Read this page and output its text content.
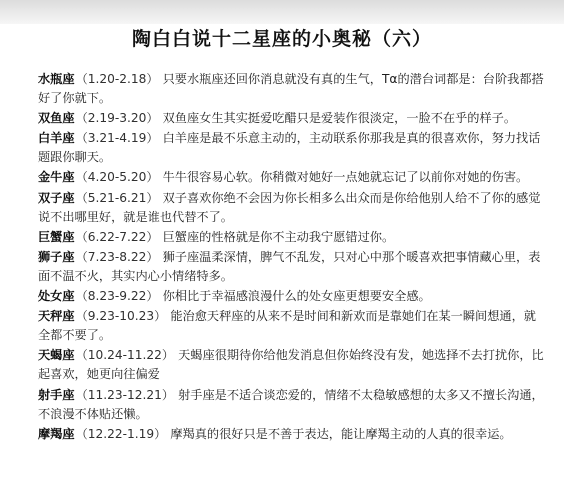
陶白白说十二星座的小奥秘（六）

水瓶座（1.20-2.18） 只要水瓶座还回你消息就没有真的生气，Tα的潜台词都是：台阶我都搭好了你就下。

双鱼座（2.19-3.20） 双鱼座女生其实挺爱吃醋只是爱装作很淡定，一脸不在乎的样子。

白羊座（3.21-4.19） 白羊座是最不乐意主动的，主动联系你那我是真的很喜欢你，努力找话题跟你聊天。

金牛座（4.20-5.20） 牛牛很容易心软。你稍微对她好一点她就忘记了以前你对她的伤害。

双子座（5.21-6.21） 双子喜欢你绝不会因为你长相多么出众而是你给他别人给不了你的感觉说不出哪里好，就是谁也代替不了。

巨蟹座（6.22-7.22） 巨蟹座的性格就是你不主动我宁愿错过你。

狮子座（7.23-8.22） 狮子座温柔深情，脾气不乱发，只对心中那个暖喜欢把事情藏心里，表面不温不火，其实内心小情绪特多。

处女座（8.23-9.22） 你相比于幸福感浪漫什么的处女座更想要安全感。

天秤座（9.23-10.23） 能治愈天秤座的从来不是时间和新欢而是靠她们在某一瞬间想通，就全都不要了。

天蝎座（10.24-11.22） 天蝎座很期待你给他发消息但你始终没有发，她选择不去打扰你，比起喜欢，她更向往偏爱

射手座（11.23-12.21） 射手座是不适合谈恋爱的，情绪不太稳敏感想的太多又不擅长沟通，不浪漫不体贴还懒。

摩羯座（12.22-1.19） 摩羯真的很好只是不善于表达，能让摩羯主动的人真的很幸运。
